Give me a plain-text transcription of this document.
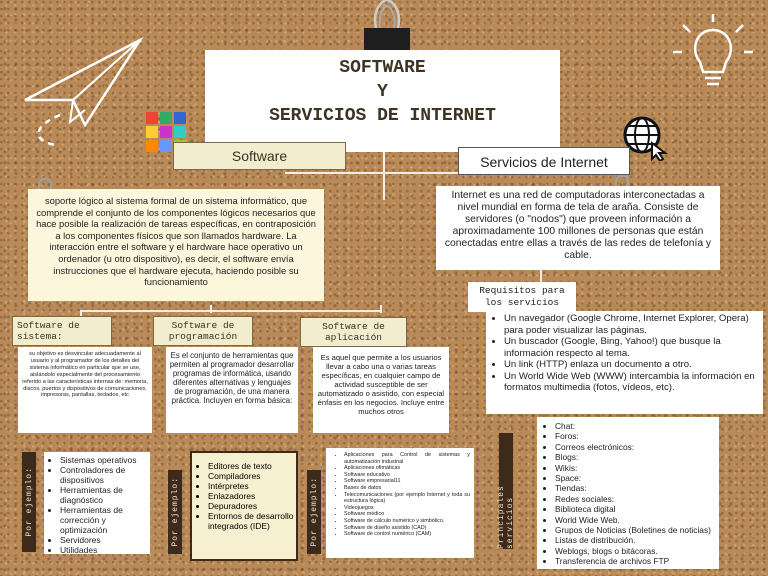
SOFTWARE
Y
SERVICIOS DE INTERNET
Software	Servicios de Internet
soporte lógico al sistema formal de un sistema informático, que comprende el conjunto de los componentes lógicos necesarios que hace posible la realización de tareas específicas, en contraposición a los componentes físicos que son llamados hardware. La interacción entre el software y el hardware hace operativo un ordenador (u otro dispositivo), es decir, el software envía instrucciones que el hardware ejecuta, haciendo posible su funcionamiento
Internet es una red de computadoras interconectadas a nivel mundial en forma de tela de araña. Consiste de servidores (o "nodos") que proveen información a aproximadamente 100 millones de personas que están conectadas entre ellas a través de las redes de telefonía y cable.
Requisitos para los servicios
• Un navegador (Google Chrome, Internet Explorer, Opera) para poder visualizar las páginas.
• Un buscador (Google, Bing, Yahoo!) que busque la información respecto al tema.
• Un link (HTTP) enlaza un documento a otro.
• Un World Wide Web (WWW) intercambia la información en formatos multimedia (fotos, vídeos, etc).
Software de sistema:
Software de programación
Software de aplicación
su objetivo es desvincular adecuadamente al usuario y al programador de los detalles del sistema informático en particular que se use, aislándolo especialmente del procesamiento referido a las características internas de: memoria, discos, puertos y dispositivos de comunicaciones, impresoras, pantallas, teclados, etc
Es el conjunto de herramientas que permiten al programador desarrollar programas de informática, usando diferentes alternativas y lenguajes de programación, de una manera práctica. Incluyen en forma básica:
Es aquel que permite a los usuarios llevar a cabo una o varias tareas específicas, en cualquier campo de actividad susceptible de ser automatizado o asistido, con especial énfasis en los negocios. Incluye entre muchos otros
Por ejemplo:	Por ejemplo:	Por ejemplo:	Principales servicios
• Sistemas operativos
• Controladores de dispositivos
• Herramientas de diagnóstico
• Herramientas de corrección y optimización
• Servidores
• Utilidades
• Editores de texto
• Compiladores
• Intérpretes
• Enlazadores
• Depuradores
• Entornos de desarrollo integrados (IDE)
• Aplicaciones para Control de sistemas y automatización industrial
• Aplicaciones ofimáticas
• Software educativo
• Software empresarial11
• Bases de datos
• Telecomunicaciones (por ejemplo Internet y toda su estructura lógica)
• Videojuegos
• Software médico
• Software de cálculo numérico y simbólico.
• Software de diseño asistido (CAD)
• Software de control numérico (CAM)
• Chat:
• Foros:
• Correos electrónicos:
• Blogs:
• Wikis:
• Space:
• Tiendas:
• Redes sociales:
• Biblioteca digital
• World Wide Web.
• Grupos de Noticias (Boletines de noticias)
• Listas de distribución.
• Weblogs, blogs o bitácoras.
• Transferencia de archivos FTP
